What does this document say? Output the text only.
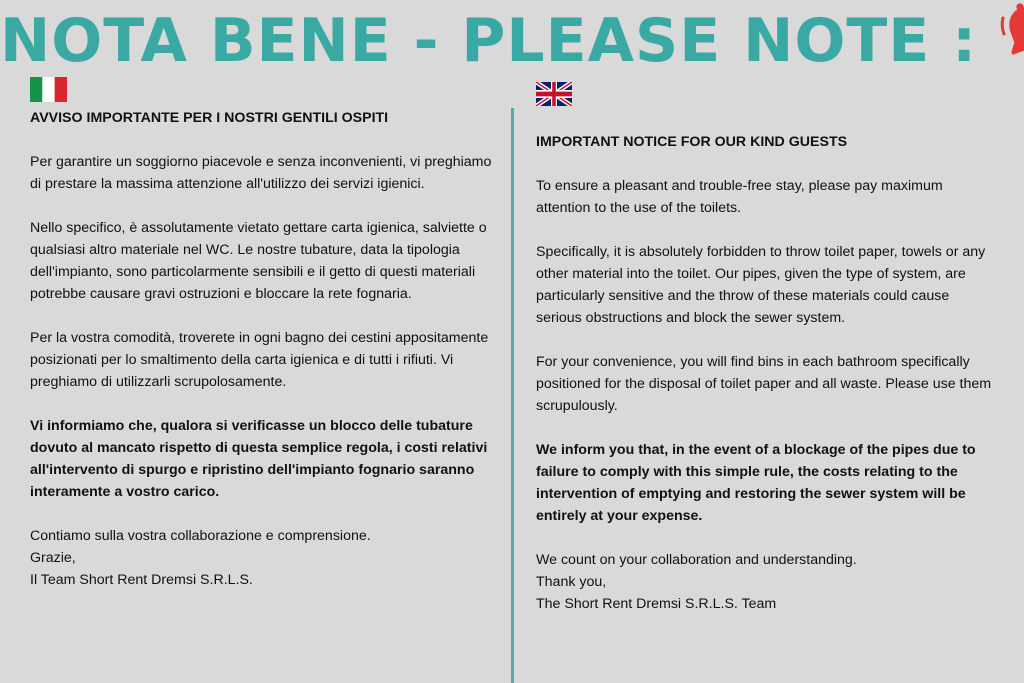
NOTA BENE - PLEASE NOTE :

AVVISO IMPORTANTE PER I NOSTRI GENTILI OSPITI

Per garantire un soggiorno piacevole e senza inconvenienti, vi preghiamo di prestare la massima attenzione all'utilizzo dei servizi igienici.

Nello specifico, è assolutamente vietato gettare carta igienica, salviette o qualsiasi altro materiale nel WC. Le nostre tubature, data la tipologia dell'impianto, sono particolarmente sensibili e il getto di questi materiali potrebbe causare gravi ostruzioni e bloccare la rete fognaria.

Per la vostra comodità, troverete in ogni bagno dei cestini appositamente posizionati per lo smaltimento della carta igienica e di tutti i rifiuti. Vi preghiamo di utilizzarli scrupolosamente.

Vi informiamo che, qualora si verificasse un blocco delle tubature dovuto al mancato rispetto di questa semplice regola, i costi relativi all'intervento di spurgo e ripristino dell'impianto fognario saranno interamente a vostro carico.

Contiamo sulla vostra collaborazione e comprensione.

Grazie,

Il Team Short Rent Dremsi S.R.L.S.

IMPORTANT NOTICE FOR OUR KIND GUESTS

To ensure a pleasant and trouble-free stay, please pay maximum attention to the use of the toilets.

Specifically, it is absolutely forbidden to throw toilet paper, towels or any other material into the toilet. Our pipes, given the type of system, are particularly sensitive and the throw of these materials could cause serious obstructions and block the sewer system.

For your convenience, you will find bins in each bathroom specifically positioned for the disposal of toilet paper and all waste. Please use them scrupulously.

We inform you that, in the event of a blockage of the pipes due to failure to comply with this simple rule, the costs relating to the intervention of emptying and restoring the sewer system will be entirely at your expense.

We count on your collaboration and understanding.

Thank you,

The Short Rent Dremsi S.R.L.S. Team
